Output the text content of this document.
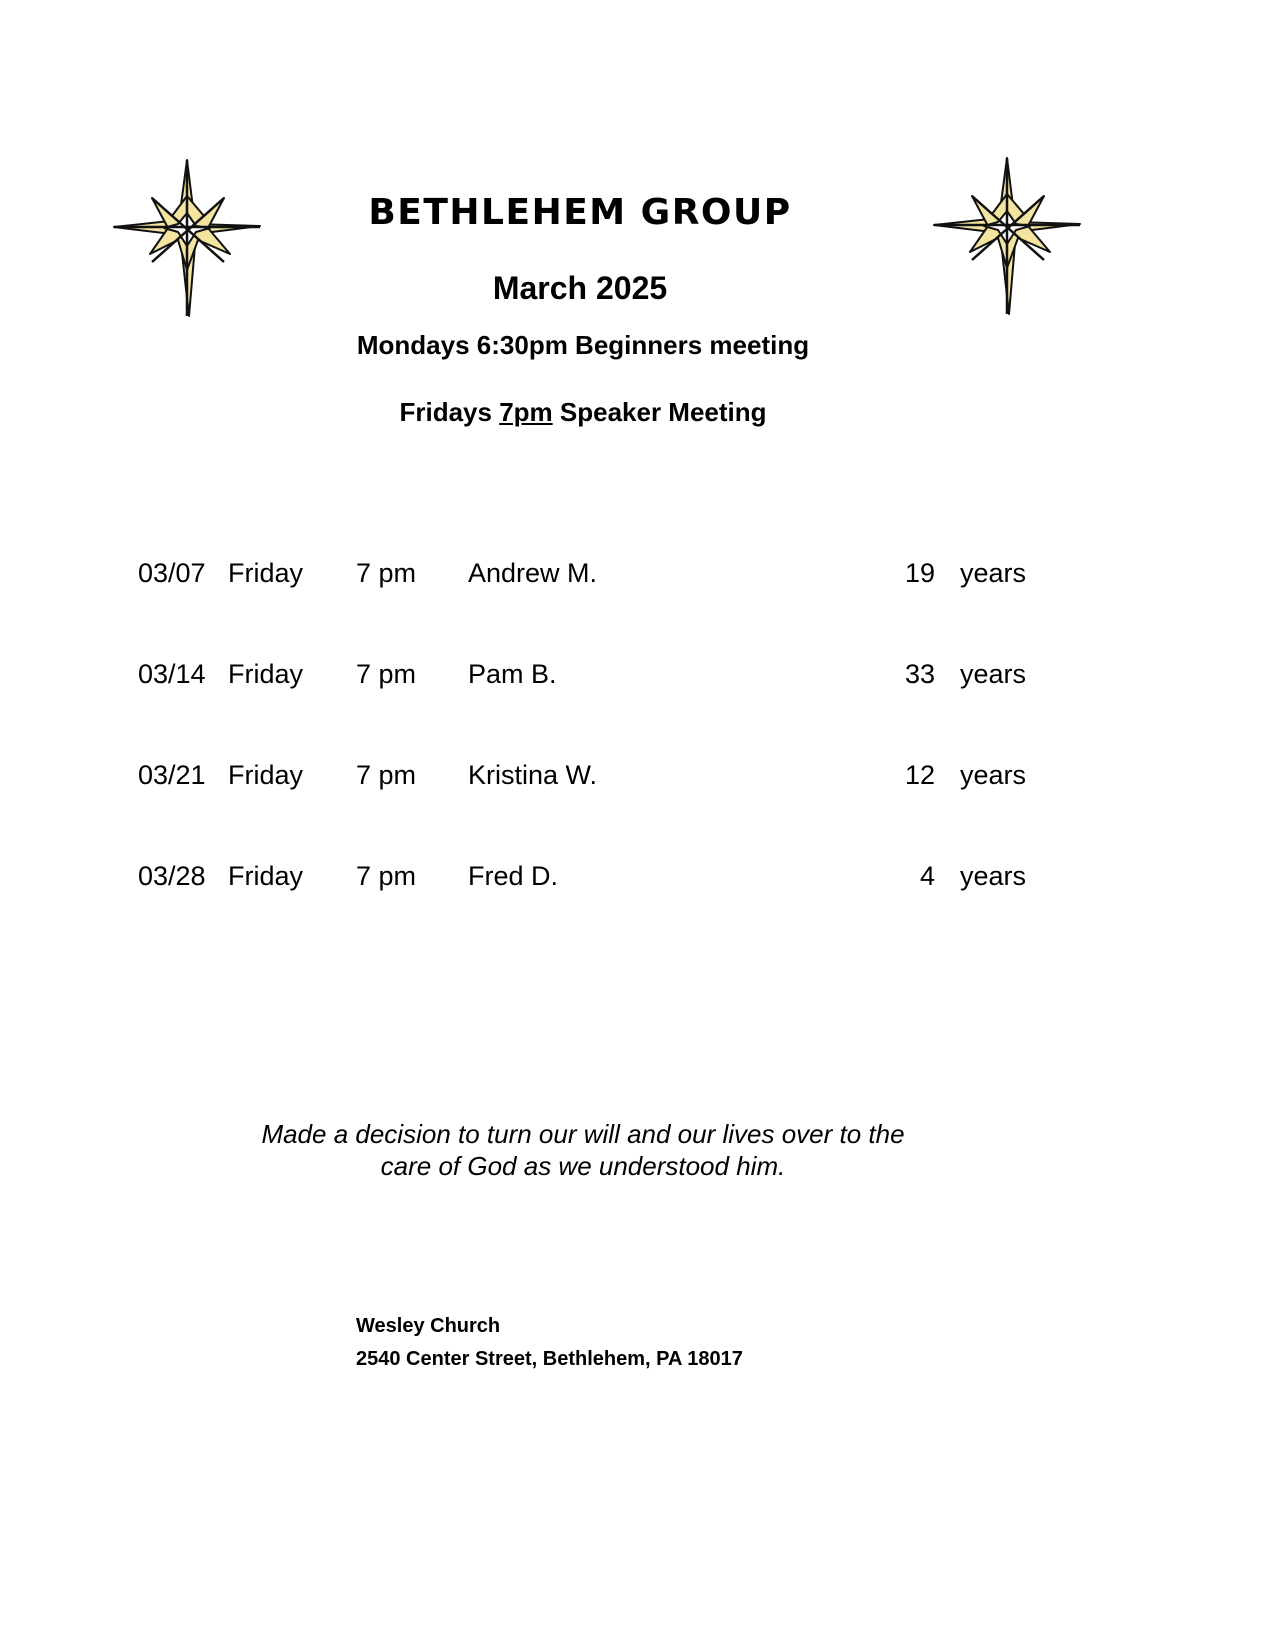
BETHLEHEM GROUP
March 2025
Mondays 6:30pm Beginners meeting
Fridays 7pm Speaker Meeting
03/07 Friday 7 pm Andrew M.	19 years
03/14 Friday 7 pm Pam B.	33 years
03/21 Friday 7 pm Kristina W.	12 years
03/28 Friday 7 pm Fred D.	4 years
Made a decision to turn our will and our lives over to the
care of God as we understood him.
Wesley Church
2540 Center Street, Bethlehem, PA 18017
